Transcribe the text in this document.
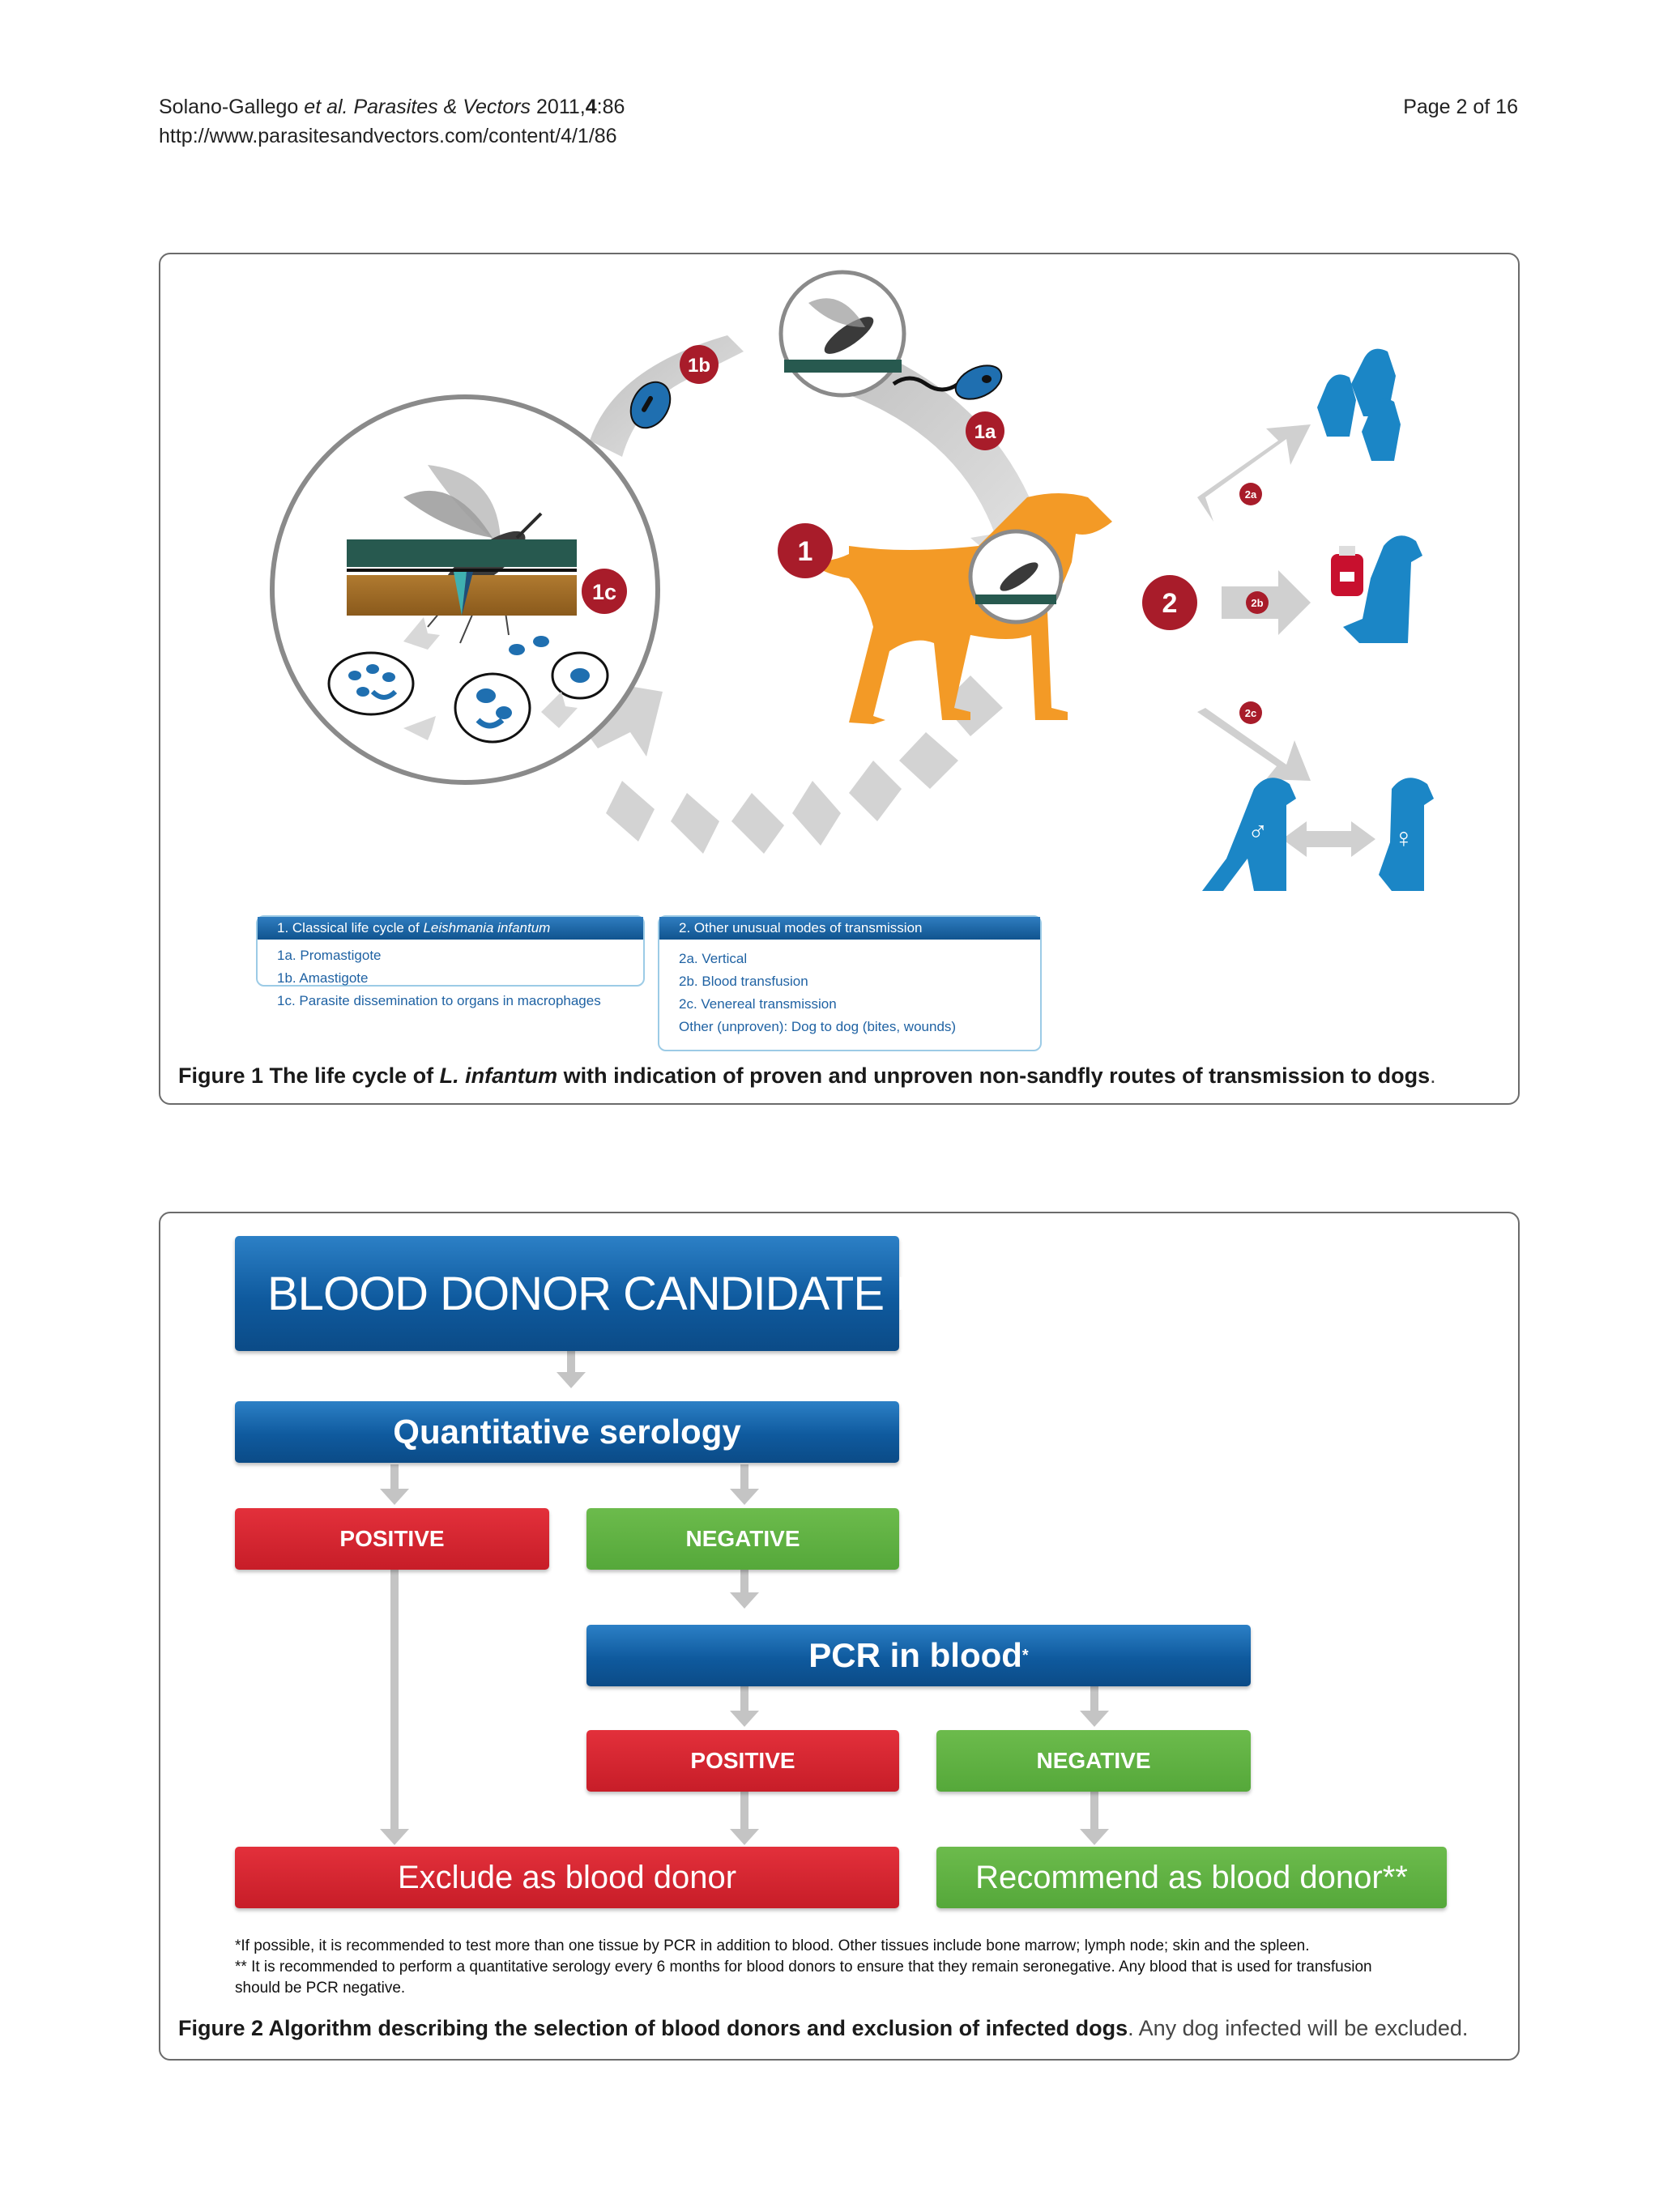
Solano-Gallego et al. Parasites & Vectors 2011,4:86
http://www.parasitesandvectors.com/content/4/1/86
Page 2 of 16
♂	♀
1
2
1a
1b
1c
2a
2b
2c
1. Classical life cycle of Leishmania infantum
1a. Promastigote
1b. Amastigote
1c. Parasite dissemination to organs in macrophages
2. Other unusual modes of transmission
2a. Vertical
2b. Blood transfusion
2c. Venereal transmission
Other (unproven): Dog to dog (bites, wounds)
Figure 1 The life cycle of L. infantum with indication of proven and unproven non-sandfly routes of transmission to dogs.
BLOOD DONOR CANDIDATE DOGS
Quantitative serology
POSITIVE	NEGATIVE
PCR in blood *
POSITIVE	NEGATIVE
Exclude as blood donor	Recommend as blood donor**
*If possible, it is recommended to test more than one tissue by PCR in addition to blood. Other tissues include bone marrow; lymph node; skin and the spleen.
** It is recommended to perform a quantitative serology every 6 months for blood donors to ensure that they remain seronegative. Any blood that is used for transfusion
should be PCR negative.
Figure 2 Algorithm describing the selection of blood donors and exclusion of infected dogs. Any dog infected will be excluded.
